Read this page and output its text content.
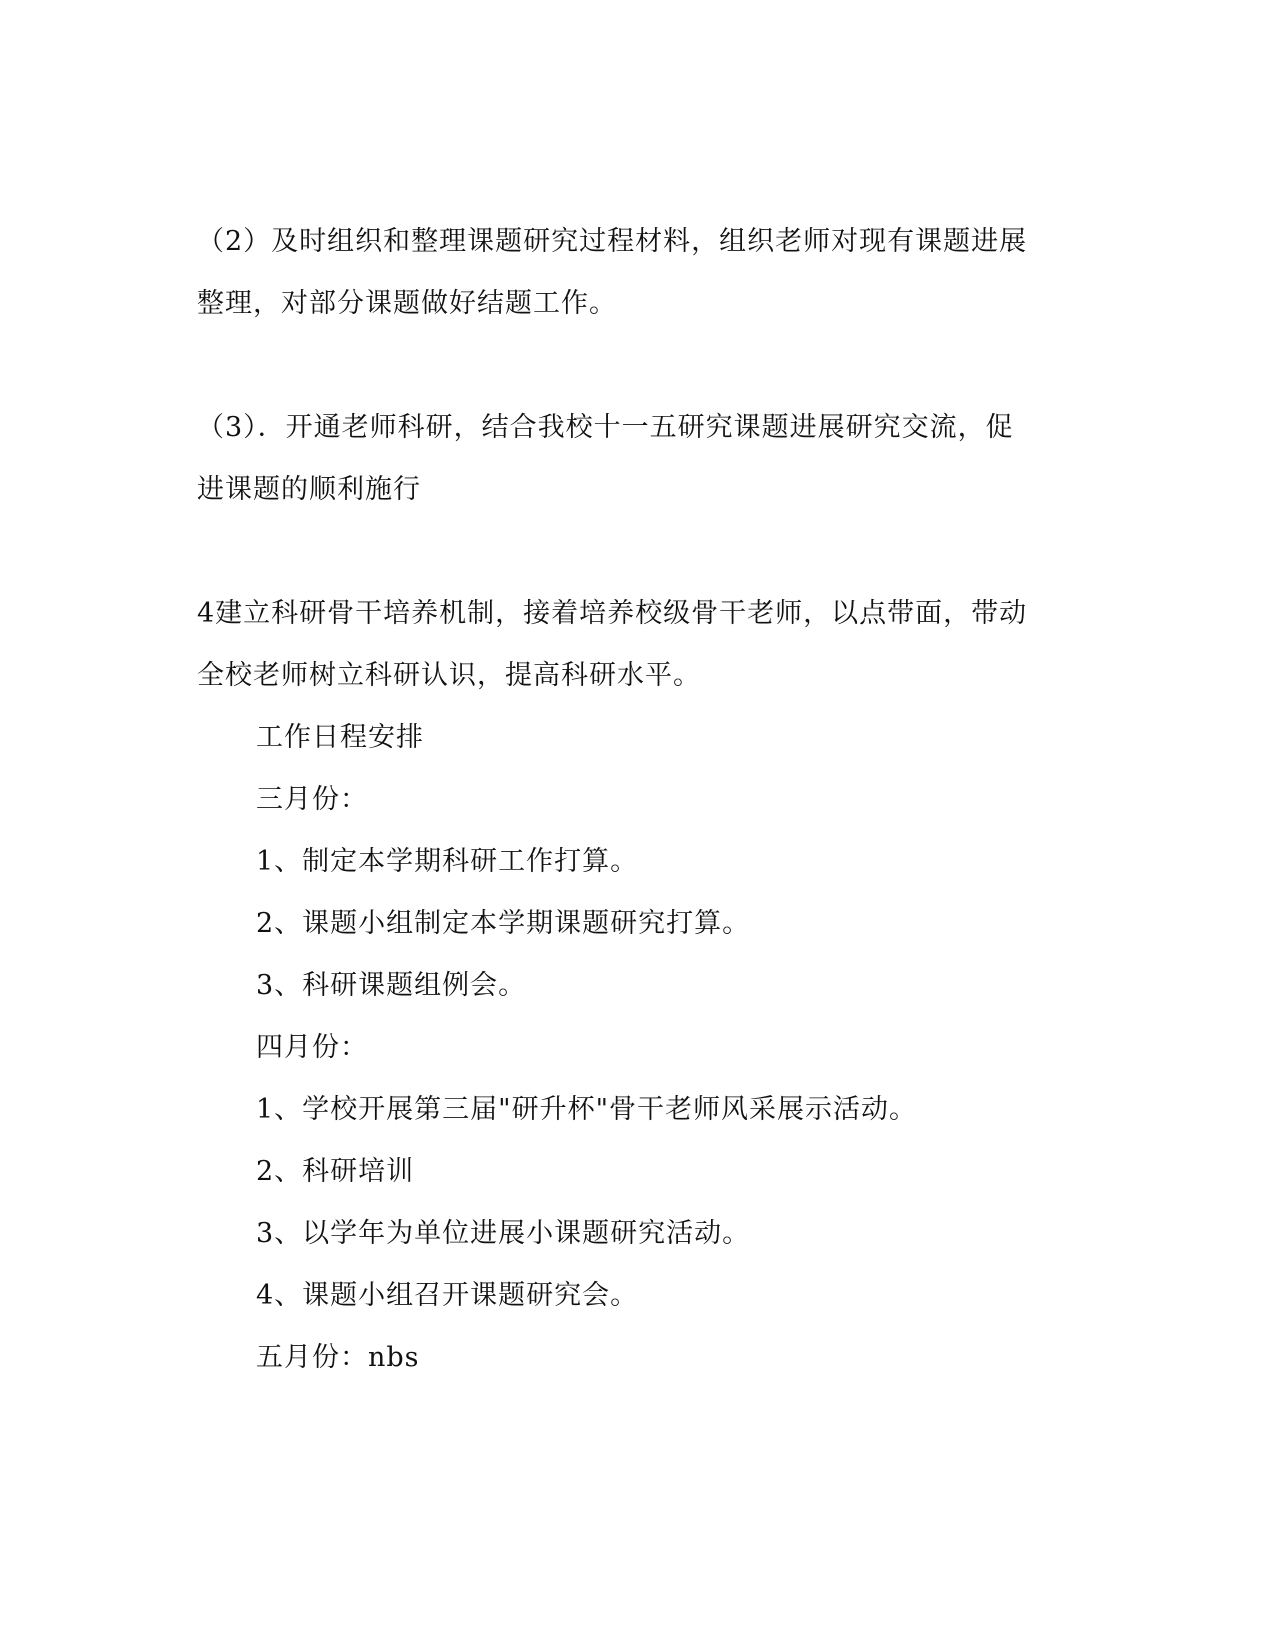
（2）及时组织和整理课题研究过程材料，组织老师对现有课题进展
整理，对部分课题做好结题工作。
（3）．开通老师科研，结合我校十一五研究课题进展研究交流，促
进课题的顺利施行
4建立科研骨干培养机制，接着培养校级骨干老师，以点带面，带动
全校老师树立科研认识，提高科研水平。
工作日程安排
三月份：
1、制定本学期科研工作打算。
2、课题小组制定本学期课题研究打算。
3、科研课题组例会。
四月份：
1、学校开展第三届"研升杯"骨干老师风采展示活动。
2、科研培训
3、以学年为单位进展小课题研究活动。
4、课题小组召开课题研究会。
五月份：nbs
